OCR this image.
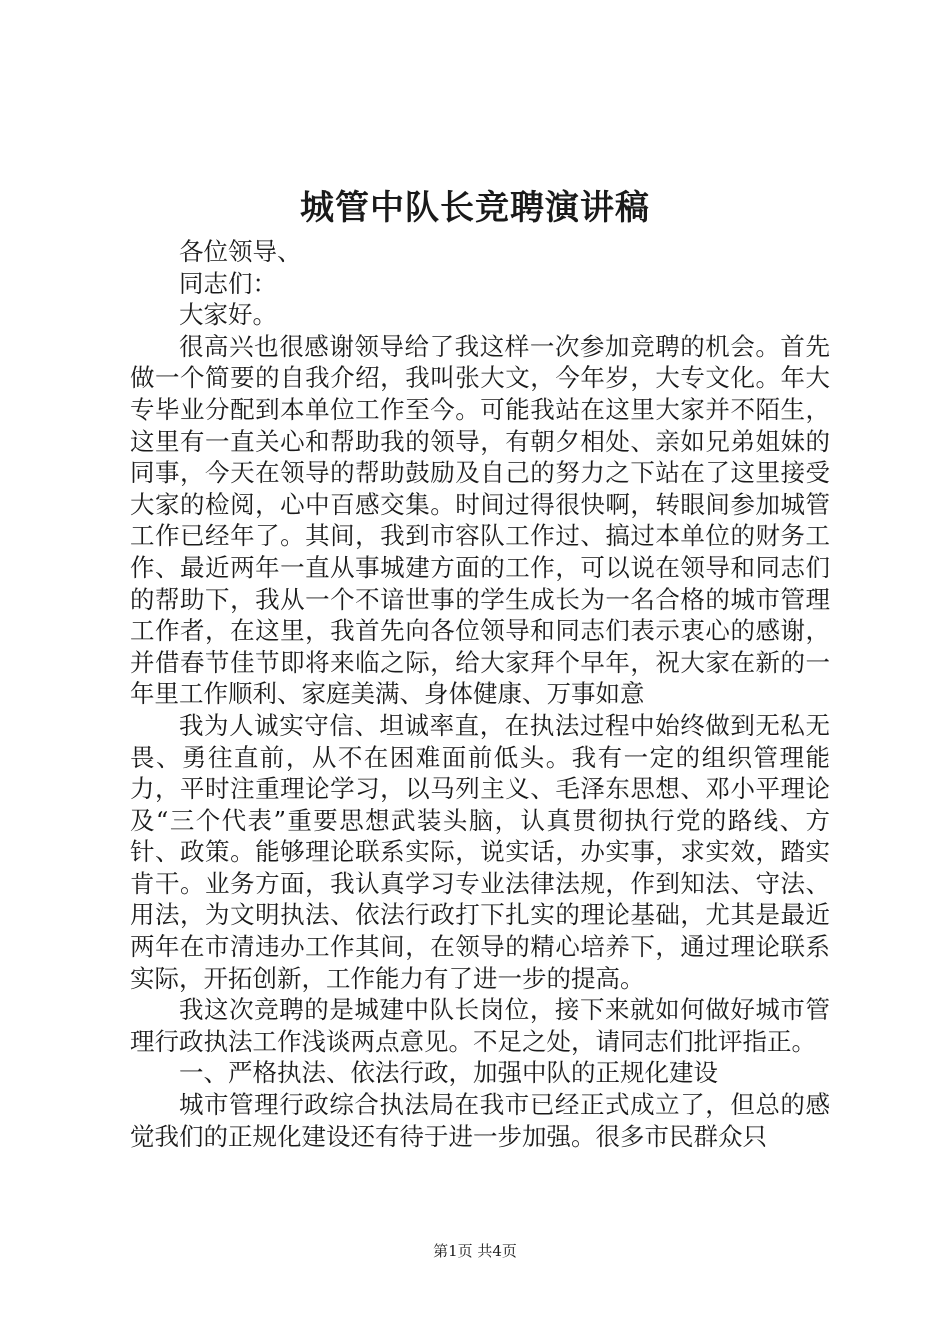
城管中队长竞聘演讲稿

各位领导、

同志们：

大家好。

很高兴也很感谢领导给了我这样一次参加竞聘的机会。首先做一个简要的自我介绍，我叫张大文，今年岁，大专文化。年大专毕业分配到本单位工作至今。可能我站在这里大家并不陌生，这里有一直关心和帮助我的领导，有朝夕相处、亲如兄弟姐妹的同事，今天在领导的帮助鼓励及自己的努力之下站在了这里接受大家的检阅，心中百感交集。时间过得很快啊，转眼间参加城管工作已经年了。其间，我到市容队工作过、搞过本单位的财务工作、最近两年一直从事城建方面的工作，可以说在领导和同志们的帮助下，我从一个不谙世事的学生成长为一名合格的城市管理工作者，在这里，我首先向各位领导和同志们表示衷心的感谢，并借春节佳节即将来临之际，给大家拜个早年，祝大家在新的一年里工作顺利、家庭美满、身体健康、万事如意

我为人诚实守信、坦诚率直，在执法过程中始终做到无私无畏、勇往直前，从不在困难面前低头。我有一定的组织管理能力，平时注重理论学习，以马列主义、毛泽东思想、邓小平理论及“三个代表”重要思想武装头脑，认真贯彻执行党的路线、方针、政策。能够理论联系实际，说实话，办实事，求实效，踏实肯干。业务方面，我认真学习专业法律法规，作到知法、守法、用法，为文明执法、依法行政打下扎实的理论基础，尤其是最近两年在市清违办工作其间，在领导的精心培养下，通过理论联系实际，开拓创新，工作能力有了进一步的提高。

我这次竞聘的是城建中队长岗位，接下来就如何做好城市管理行政执法工作浅谈两点意见。不足之处，请同志们批评指正。

一、严格执法、依法行政，加强中队的正规化建设

城市管理行政综合执法局在我市已经正式成立了，但总的感觉我们的正规化建设还有待于进一步加强。很多市民群众只

第1页 共4页
